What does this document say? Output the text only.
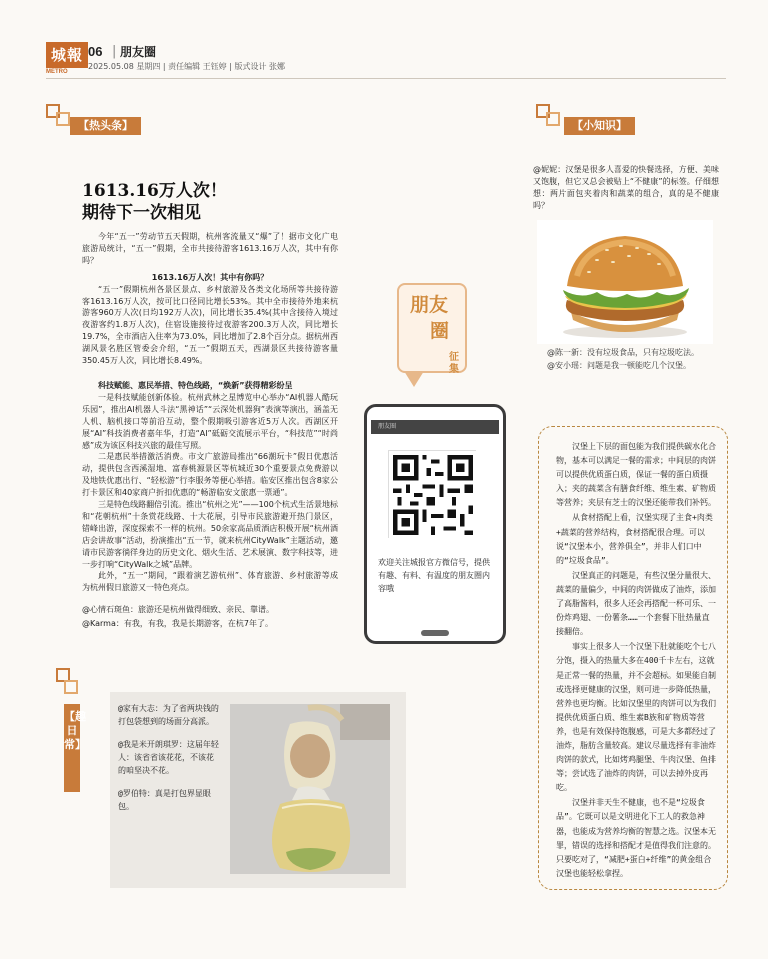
城報
METRO
06 | 朋友圈
2025.05.08 星期四 | 责任编辑 王钰婷 | 版式设计 张娜
【热头条】	【小知识】
1613.16万人次！
期待下一次相见

今年“五一”劳动节五天假期，杭州客流量又“爆”了！据市文化广电旅游局统计，“五一”假期，全市共接待游客1613.16万人次，其中有你吗？

1613.16万人次！其中有你吗？

“五一”假期杭州各景区景点、乡村旅游及各类文化场所等共接待游客1613.16万人次，按可比口径同比增长53%。其中全市接待外地来杭游客960万人次(日均192万人次)，同比增长35.4%(其中含接待入境过夜游客约1.8万人次)，住宿设施接待过夜游客200.3万人次，同比增长19.7%，全市酒店入住率为73.0%，同比增加了2.8个百分点。据杭州西湖风景名胜区管委会介绍，“五一”假期五天，西湖景区共接待游客量350.45万人次，同比增长8.49%。

科技赋能、惠民举措、特色线路，“焕新”获得精彩纷呈

一是科技赋能创新体验。杭州武林之星博览中心举办“AI机器人酷玩乐园”，推出AI机器人斗法“黑神话”“云深处机器狗”表演等演出，涵盖无人机、脑机接口等前沿互动，整个假期吸引游客近5万人次。西湖区开展“AI”科技消费者嘉年华，打造“AI”砥砺交流展示平台，“科技范”“时尚感”成为该区科技兴旅的最佳写照。

二是惠民举措激活消费。市文广旅游局推出“66潮玩卡”假日优惠活动，提供包含西溪湿地、富春桃源景区等杭城近30个重要景点免费游以及地铁优惠出行、“轻松游”行李服务等便心举措。临安区推出包含8家公打卡景区和40家商户折扣优惠的“畅游临安文旅惠一票通”。

三是特色线路翻倍引流。推出“杭州之光”——100个杭式生活景地标和“花朝杭州”十条赏花线路、十大花展，引导市民旅游避开热门景区，错峰出游，深度探索不一样的杭州。50余家高品质酒店积极开展“杭州酒店会讲故事”活动，扮演推出“五一节，就来杭州CityWalk”主题活动，邀请市民游客徜徉身边的历史文化、烟火生活、艺术展演、数字科技等，进一步打响“CityWalk之城”品牌。

此外，“五一”期间，“跟着演艺游杭州”、体育旅游、乡村旅游等成为杭州假日旅游又一特色亮点。

@心情石斑鱼：旅游还是杭州做得细致、亲民、靠谱。

@Karma：有我，有我，我是长期游客，在杭7年了。

朋友
圈
征集
朋友圈
欢迎关注城报官方微信号，提供有趣、有料、有温度的朋友圈内容哦
@妮妮：汉堡是很多人喜爱的快餐选择，方便、美味又饱腹，但它又总会被贴上“不健康”的标签。仔细想想：两片面包夹着肉和蔬菜的组合，真的是不健康吗？
@陈一新：没有垃圾食品，只有垃圾吃法。
@安小瑶：问题是我一顿能吃几个汉堡。

汉堡上下层的面包能为我们提供碳水化合物，基本可以满足一餐的需求；中间层的肉饼可以提供优质蛋白质，保证一餐的蛋白质摄入；夹的蔬菜含有膳食纤维、维生素、矿物质等营养；夹层有芝士的汉堡还能带我们补钙。

从食材搭配上看，汉堡实现了主食+肉类+蔬菜的营养结构，食材搭配很合理。可以说“汉堡本小，营养俱全”，并非人们口中的“垃圾食品”。

汉堡真正的问题是，有些汉堡分量很大、蔬菜的量偏少，中间的肉饼做成了油炸，添加了高脂酱料，很多人还会再搭配一杯可乐、一份炸鸡翅、一份薯条……一个套餐下肚热量直接翻倍。

事实上很多人一个汉堡下肚就能吃个七八分饱，摄入的热量大多在400千卡左右，这就是正常一餐的热量，并不会超标。如果能自制或选择更健康的汉堡，则可进一步降低热量，营养也更均衡。比如汉堡里的肉饼可以为我们提供优质蛋白质、维生素B族和矿物质等营养，也是有效保持饱腹感，可是大多都经过了油炸，脂肪含量较高。建议尽量选择有非油炸肉饼的款式，比如烤鸡腿堡、牛肉汉堡、鱼排等；尝试选了油炸的肉饼，可以去掉外皮再吃。

汉堡并非天生不健康，也不是“垃圾食品”。它既可以是文明进化下工人的救急神器，也能成为营养均衡的智慧之选。汉堡本无罪，错误的选择和搭配才是值得我们注意的。只要吃对了，“减肥+蛋白+纤维”的黄金组合汉堡也能轻松拿捏。

【趣日常】

@家有大志：为了省两块钱的打包袋想到的场面分高派。

@我是米开朗琪罗：这届年轻人：该省省该花花，不该花的咱坚决不花。

@罗伯特：真是打包界显眼包。
